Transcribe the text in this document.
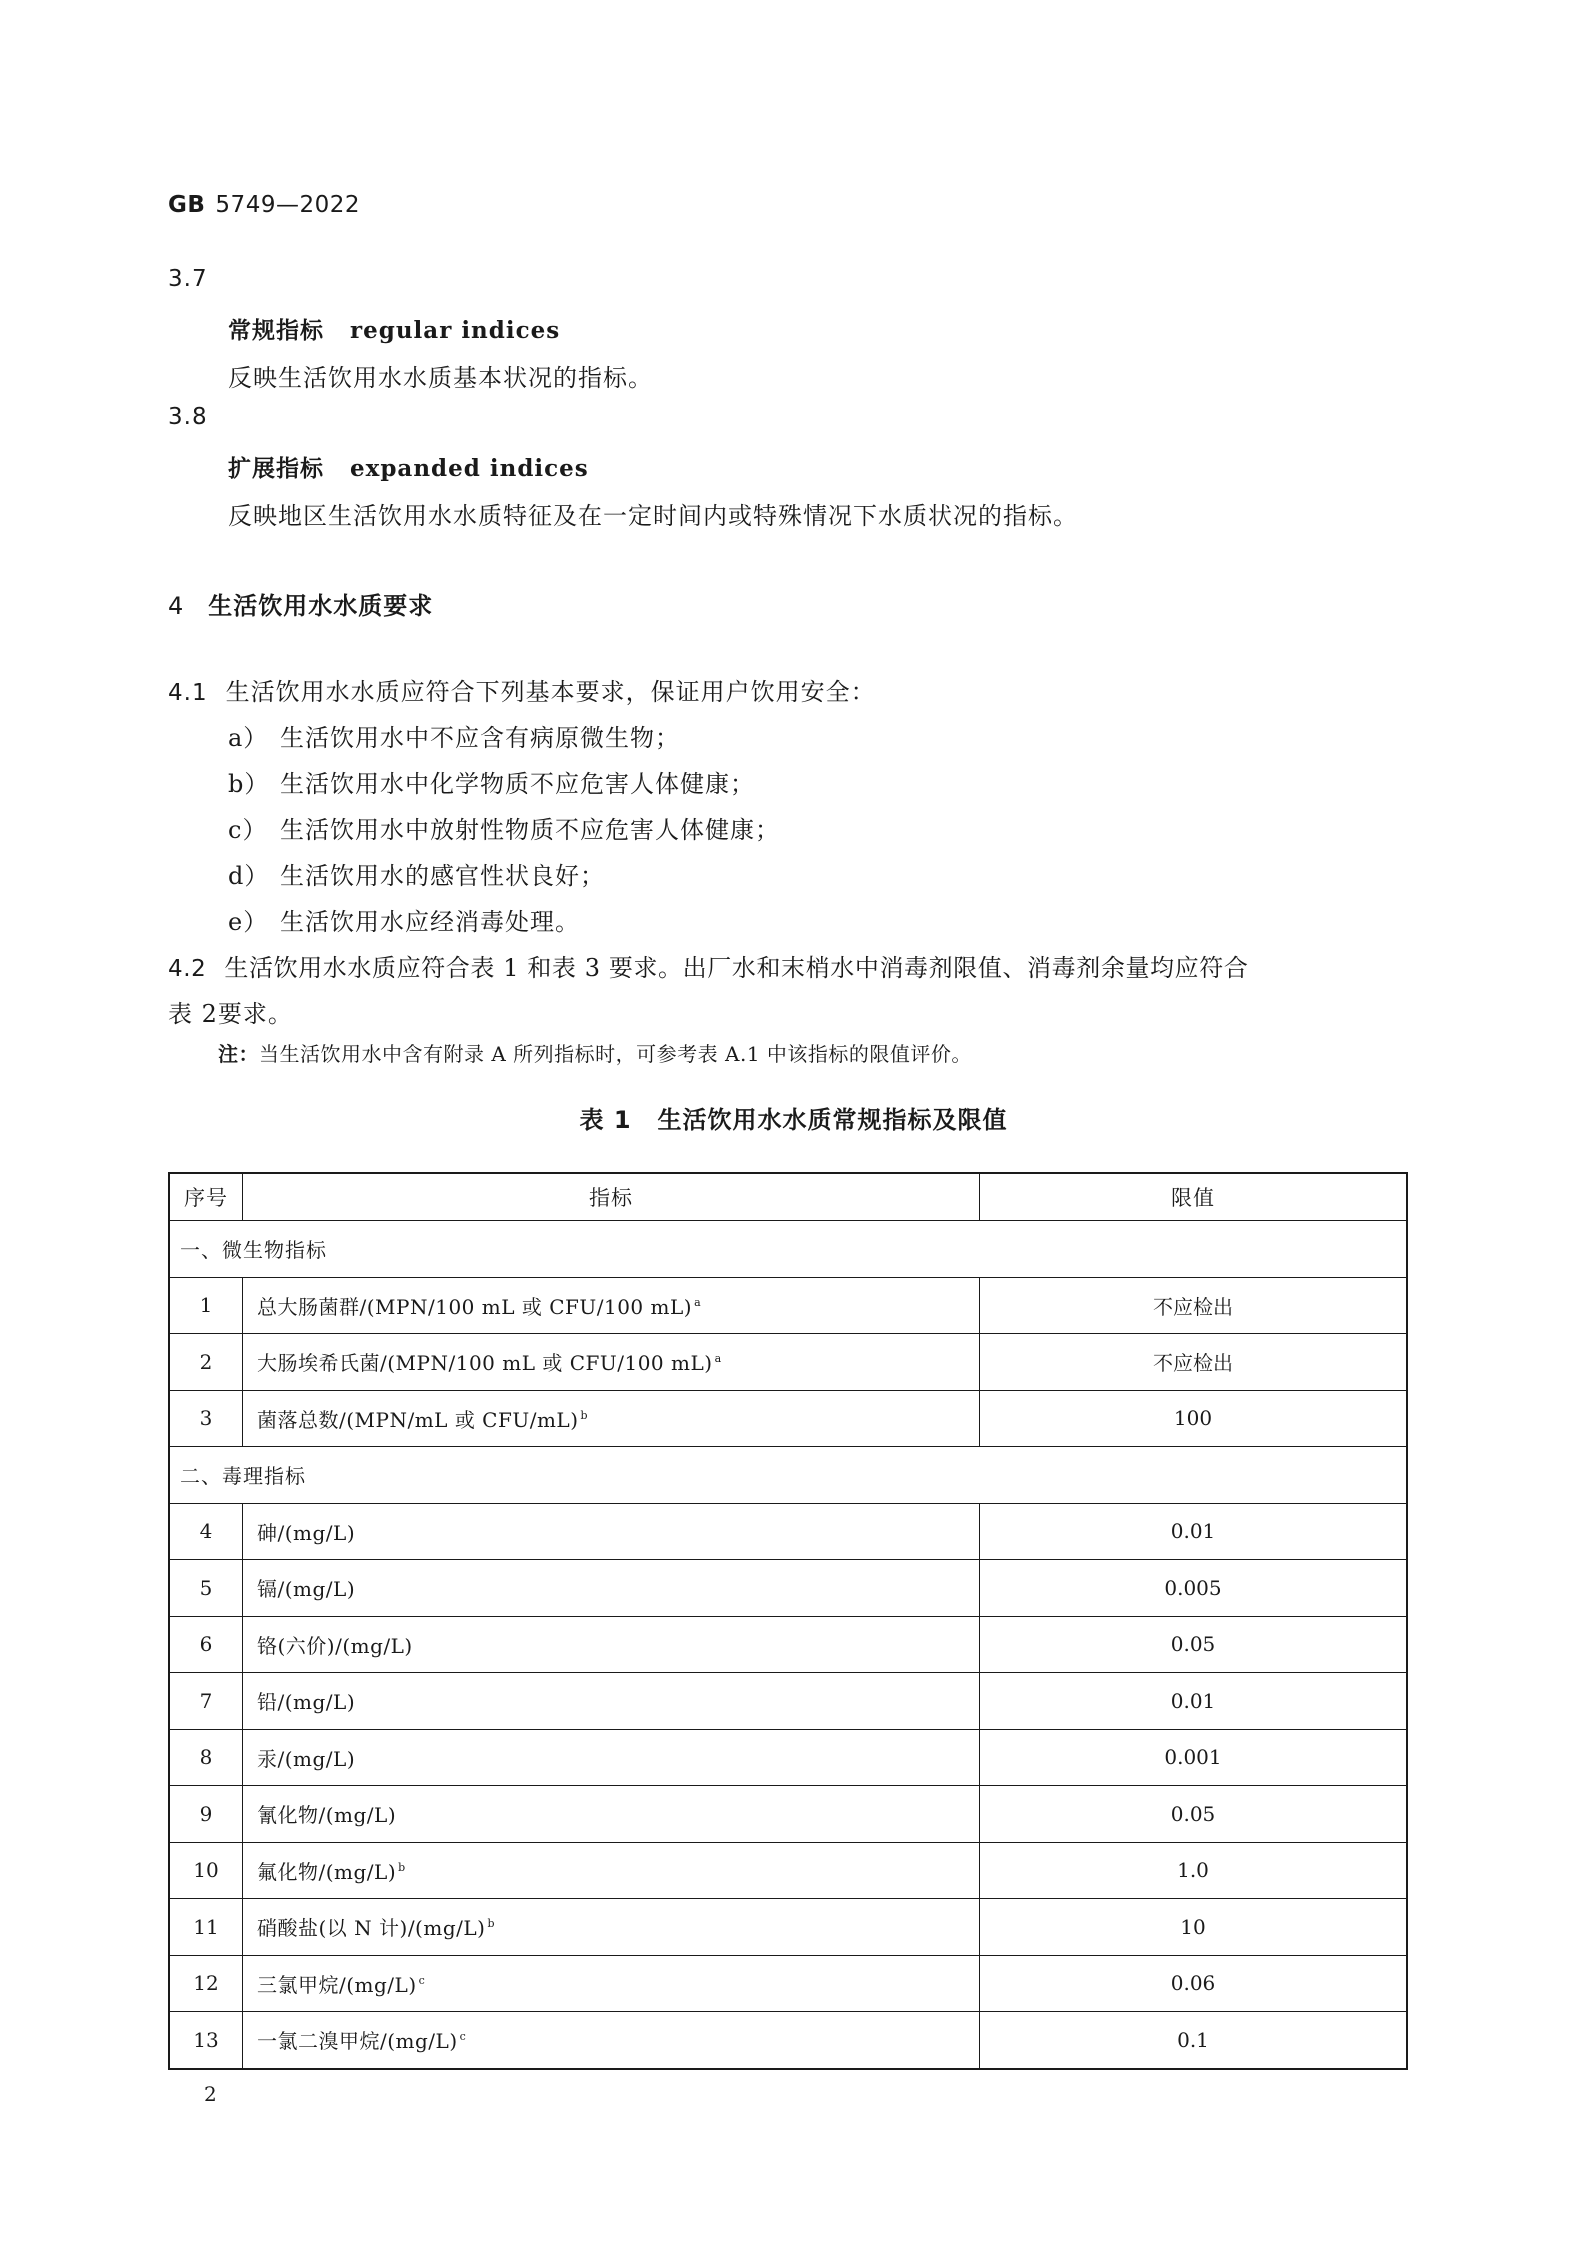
GB 5749—2022
3.7
常规指标 regular indices
反映生活饮用水水质基本状况的指标。
3.8
扩展指标 expanded indices
反映地区生活饮用水水质特征及在一定时间内或特殊情况下水质状况的指标。
4 生活饮用水水质要求
4.1 生活饮用水水质应符合下列基本要求，保证用户饮用安全：
a） 生活饮用水中不应含有病原微生物；
b） 生活饮用水中化学物质不应危害人体健康；
c） 生活饮用水中放射性物质不应危害人体健康；
d） 生活饮用水的感官性状良好；
e） 生活饮用水应经消毒处理。
4.2 生活饮用水水质应符合表 1 和表 3 要求。出厂水和末梢水中消毒剂限值、消毒剂余量均应符合
表 2要求。
注：当生活饮用水中含有附录 A 所列指标时，可参考表 A.1 中该指标的限值评价。
表 1 生活饮用水水质常规指标及限值
序号	指标	限值
一、微生物指标		
1	总大肠菌群/(MPN/100 mL 或 CFU/100 mL) $^a$	不应检出
2	大肠埃希氏菌/(MPN/100 mL 或 CFU/100 mL) $^a$	不应检出
3	菌落总数/(MPN/mL 或 CFU/mL) $^b$	100
二、毒理指标		
4	砷/(mg/L)	0.01
5	镉/(mg/L)	0.005
6	铬(六价)/(mg/L)	0.05
7	铅/(mg/L)	0.01
8	汞/(mg/L)	0.001
9	氰化物/(mg/L)	0.05
10	氟化物/(mg/L) $^b$	1.0
11	硝酸盐(以 N 计)/(mg/L) $^b$	10
12	三氯甲烷/(mg/L) $^c$	0.06
13	一氯二溴甲烷/(mg/L) $^c$	0.1
2
